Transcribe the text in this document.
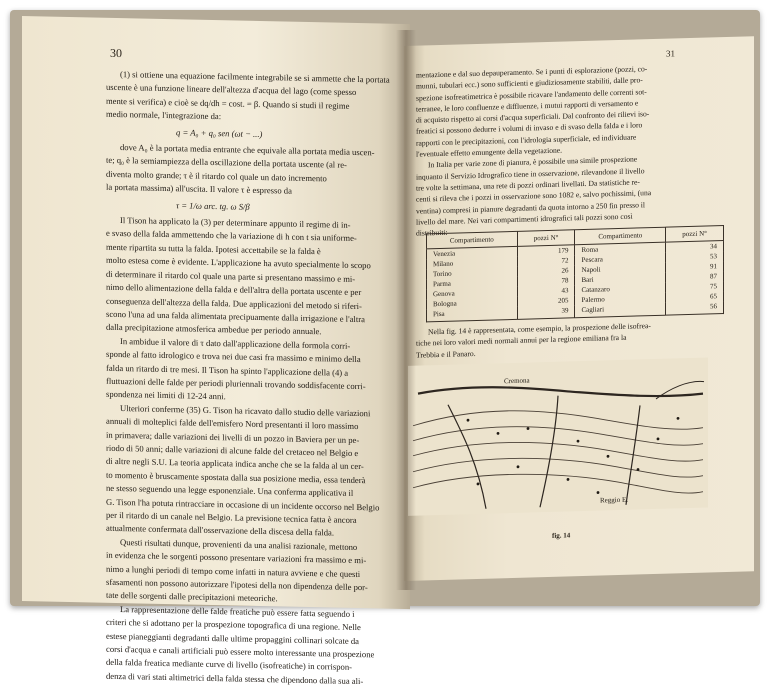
30

(1) si ottiene una equazione facilmente integrabile se si ammette che la portata

uscente è una funzione lineare dell'altezza d'acqua del lago (come spesso

mente si verifica) e cioè se dq/dh = cost. = β. Quando si studi il regime

medio normale, l'integrazione da:

q = A₀ + q₀ sen (ωt − ...)

dove A₀ è la portata media entrante che equivale alla portata media uscen-

te; q₀ è la semiampiezza della oscillazione della portata uscente (al re-

diventa molto grande; τ è il ritardo col quale un dato incremento

la portata massima) all'uscita. Il valore τ è espresso da

τ = 1/ω arc. tg. ω S/β

Il Tison ha applicato la (3) per determinare appunto il regime di in-

e svaso della falda ammettendo che la variazione di h con t sia uniforme-

mente ripartita su tutta la falda. Ipotesi accettabile se la falda è

molto estesa come è evidente. L'applicazione ha avuto specialmente lo scopo

di determinare il ritardo col quale una parte si presentano massimo e mi-

nimo dello alimentazione della falda e dell'altra della portata uscente e per

conseguenza dell'altezza della falda. Due applicazioni del metodo si riferi-

scono l'una ad una falda alimentata precipuamente dalla irrigazione e l'altra

dalla precipitazione atmosferica ambedue per periodo annuale.

In ambidue il valore di τ dato dall'applicazione della formola corri-

sponde al fatto idrologico e trova nei due casi fra massimo e minimo della

falda un ritardo di tre mesi. Il Tison ha spinto l'applicazione della (4) a

fluttuazioni delle falde per periodi pluriennali trovando soddisfacente corri-

spondenza nei limiti di 12-24 anni.

Ulteriori conferme (35) G. Tison ha ricavato dallo studio delle variazioni

annuali di molteplici falde dell'emisfero Nord presentanti il loro massimo

in primavera; dalle variazioni dei livelli di un pozzo in Baviera per un pe-

riodo di 50 anni; dalle variazioni di alcune falde del cretaceo nel Belgio e

di altre negli S.U. La teoria applicata indica anche che se la falda al un cer-

to momento è bruscamente spostata dalla sua posizione media, essa tenderà

ne stesso seguendo una legge esponenziale. Una conferma applicativa il

G. Tison l'ha potuta rintracciare in occasione di un incidente occorso nel Belgio

per il ritardo di un canale nel Belgio. La previsione tecnica fatta è ancora

attualmente confermata dall'osservazione della discesa della falda.

Questi risultati dunque, provenienti da una analisi razionale, mettono

in evidenza che le sorgenti possono presentare variazioni fra massimo e mi-

nimo a lunghi periodi di tempo come infatti in natura avviene e che questi

sfasamenti non possono autorizzare l'ipotesi della non dipendenza delle por-

tate delle sorgenti dalle precipitazioni meteoriche.

La rappresentazione delle falde freatiche può essere fatta seguendo i

criteri che si adottano per la prospezione topografica di una regione. Nelle

estese pianeggianti degradanti dalle ultime propaggini collinari solcate da

corsi d'acqua e canali artificiali può essere molto interessante una prospezione

della falda freatica mediante curve di livello (isofreatiche) in corrispon-

denza di vari stati altimetrici della falda stessa che dipendono dalla sua ali-

31

mentazione e dal suo depauperamento. Se i punti di esplorazione (pozzi, co-

munni, tubulari ecc.) sono sufficienti e giudiziosamente stabiliti, dalle pro-

spezione isofreatimetrica è possibile ricavare l'andamento delle correnti sot-

terranee, le loro confluenze e diffluenze, i mutui rapporti di versamento e

di acquisto rispetto ai corsi d'acqua superficiali. Dal confronto dei rilievi iso-

freatici si possono dedurre i volumi di invaso e di svaso della falda e i loro

rapporti con le precipitazioni, con l'idrologia superficiale, ed individuare

l'eventuale effetto emungente della vegetazione.

In Italia per varie zone di pianura, è possibile una simile prospezione

inquanto il Servizio Idrografico tiene in osservazione, rilevandone il livello

tre volte la settimana, una rete di pozzi ordinari livellati. Da statistiche re-

centi si rileva che i pozzi in osservazione sono 1082 e, salvo pochissimi, (una

ventina) compresi in pianure degradanti da quota intorno a 250 fin presso il

livello del mare. Nei vari compartimenti idrografici tali pozzi sono così

distribuiti:

Compartimento	pozzi N°	Compartimento	pozzi N°
Venezia	179	Roma	34
Milano	72	Pescara	53
Torino	26	Napoli	91
Parma	78	Bari	87
Genova	43	Catanzaro	75
Bologna	205	Palermo	65
Pisa	39	Cagliari	56

Nella fig. 14 è rappresentata, come esempio, la prospezione delle isofrea-

tiche nei loro valori medi normali annui per la regione emiliana fra la

Trebbia e il Panaro.

Cremona
Reggio E.
fig. 14
